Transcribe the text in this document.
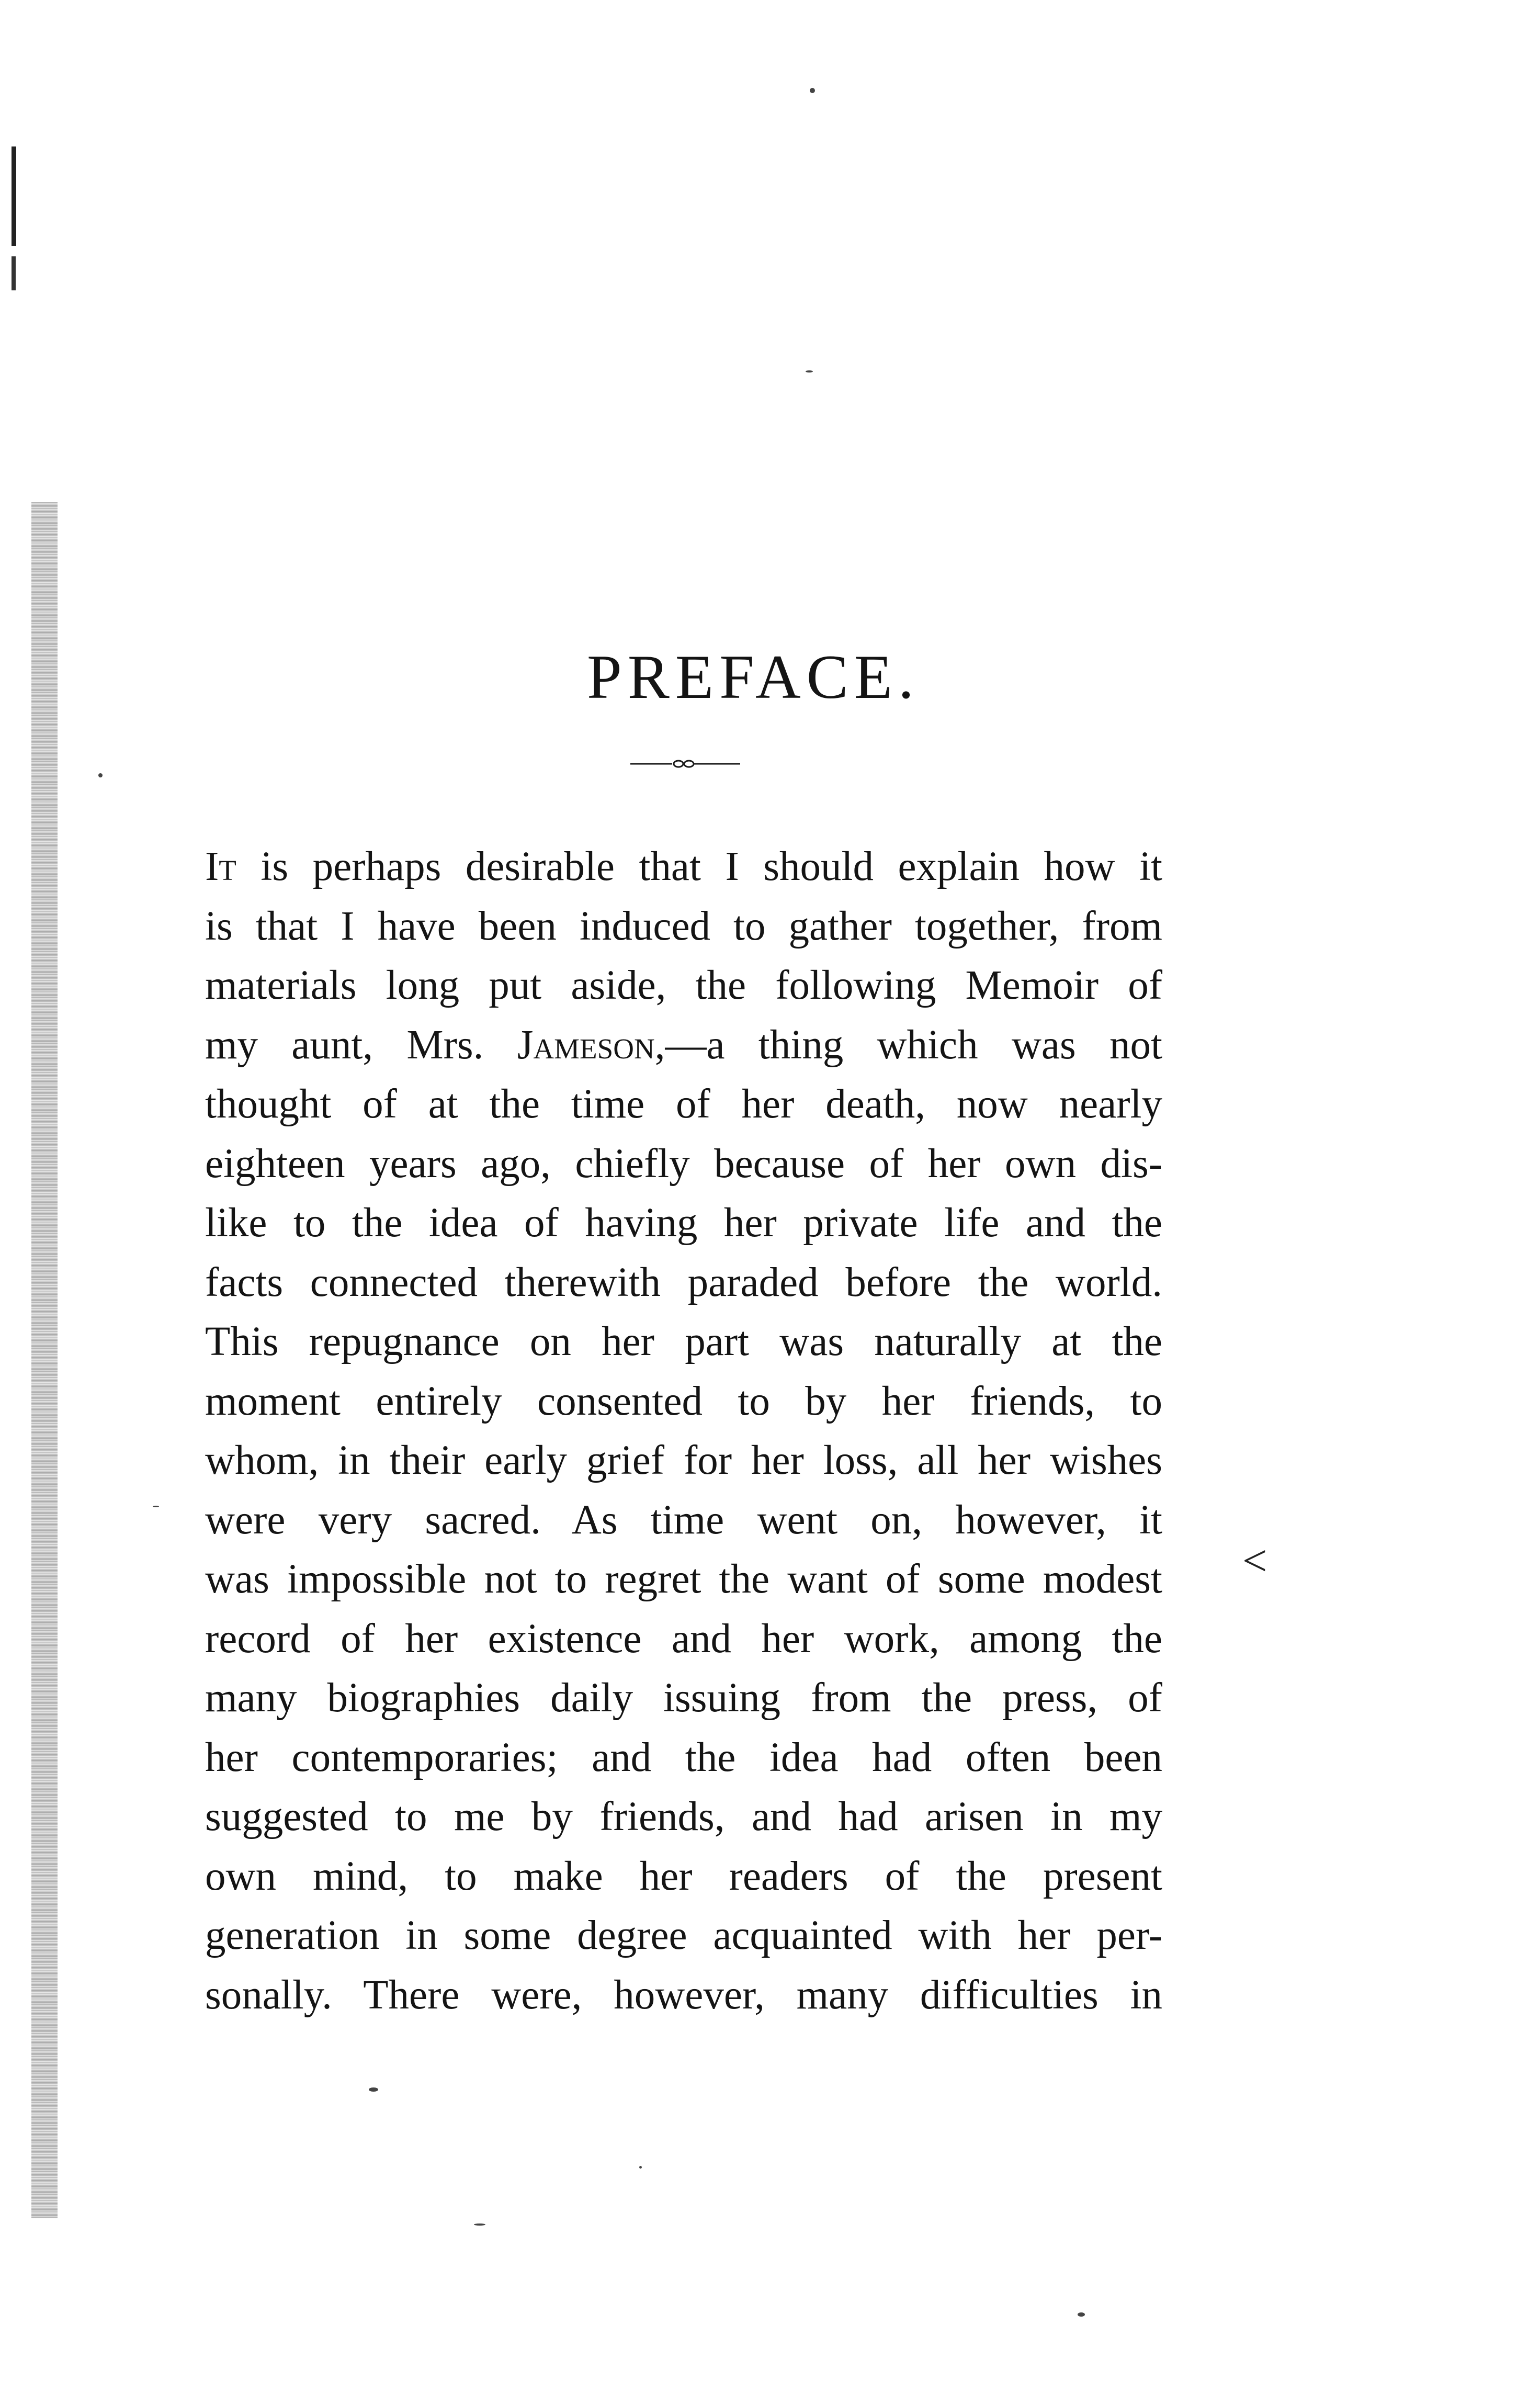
PREFACE.
It is perhaps desirable that I should explain how it
is that I have been induced to gather together, from
materials long put aside, the following Memoir of
my aunt, Mrs. Jameson,—a thing which was not
thought of at the time of her death, now nearly
eighteen years ago, chiefly because of her own dis-
like to the idea of having her private life and the
facts connected therewith paraded before the world.
This repugnance on her part was naturally at the
moment entirely consented to by her friends, to
whom, in their early grief for her loss, all her wishes
were very sacred. As time went on, however, it
was impossible not to regret the want of some modest
record of her existence and her work, among the
many biographies daily issuing from the press, of
her contemporaries; and the idea had often been
suggested to me by friends, and had arisen in my
own mind, to make her readers of the present
generation in some degree acquainted with her per-
sonally. There were, however, many difficulties in
<
